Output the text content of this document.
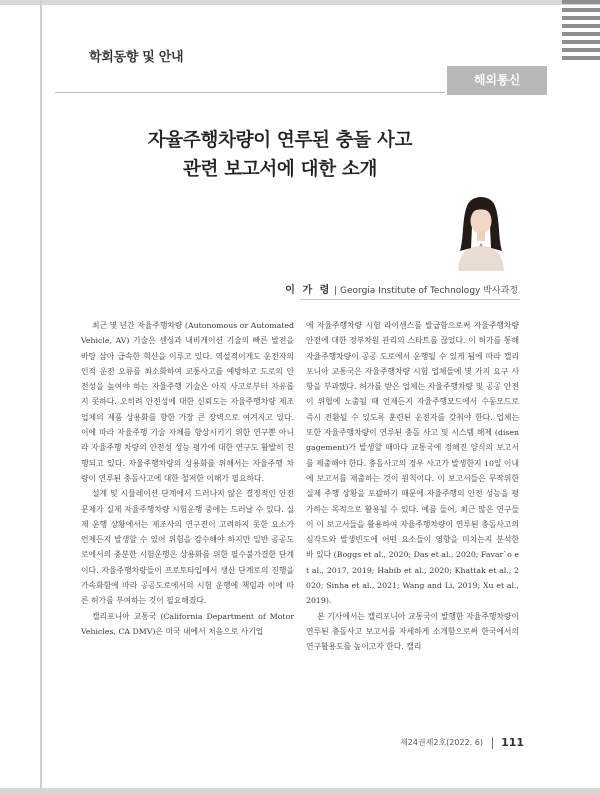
학회동향 및 안내
해외통신
자율주행차량이 연루된 충돌 사고
관련 보고서에 대한 소개
이 가 령 | Georgia Institute of Technology 박사과정

최근 몇 년간 자율주행차량 (Autonomous or Automated Vehicle, AV) 기술은 센싱과 내비게이션 기술의 빠른 발전을 바탕 삼아 급속한 혁신을 이루고 있다. 역설적이게도 운전자의 인적 운전 오류를 최소화하여 교통사고를 예방하고 도로의 안전성을 높여야 하는 자율주행 기술은 아직 사고로부터 자유롭지 못하다. 오히려 안전성에 대한 신뢰도는 자율주행차량 제조 업체의 제품 상용화를 향한 가장 큰 장벽으로 여겨지고 있다. 이에 따라 자율주행 기술 자체를 향상시키기 위한 연구뿐 아니라 자율주행 차량의 안전성 성능 평가에 대한 연구도 활발히 진행되고 있다. 자율주행차량의 상용화를 위해서는 자율주행 차량이 연루된 충돌사고에 대한 철저한 이해가 필요하다.

설계 및 시뮬레이션 단계에서 드러나지 않은 결정적인 안전문제가 실제 자율주행차량 시험운행 중에는 드러날 수 있다. 실제 운행 상황에서는 제조사의 연구진이 고려하지 못한 요소가 언제든지 발생할 수 있어 위험을 감수해야 하지만 일반 공공도로에서의 충분한 시험운행은 상용화를 위한 필수불가결한 단계이다. 자율주행차량들이 프로토타입에서 생산 단계로의 진행을 가속화함에 따라 공공도로에서의 시험 운행에 책임과 이에 따른 허가를 부여하는 것이 필요해졌다.

캘리포니아 교통국 (California Department of Motor Vehicles, CA DMV)은 미국 내에서 처음으로 사기업

에 자율주행차량 시험 라이센스를 발급함으로써 자율주행차량 안전에 대한 정부차원 관리의 스타트를 끊었다. 이 허가를 통해 자율주행차량이 공공 도로에서 운행될 수 있게 됨에 따라 캘리포니아 교통국은 자율주행차량 시험 업체들에 몇 가지 요구 사항을 부과했다. 허가를 받은 업체는 자율주행차량 및 공공 안전이 위협에 노출될 때 언제든지 자율주행모드에서 수동모드로 즉시 전환될 수 있도록 훈련된 운전자를 갖춰야 한다. 업체는 또한 자율주행차량이 연루된 충돌 사고 및 시스템 해제 (disengagement)가 발생할 때마다 교통국에 정해진 양식의 보고서를 제출해야 한다. 충돌사고의 경우 사고가 발생한지 10일 이내에 보고서를 제출하는 것이 원칙이다. 이 보고서들은 무작위한 실제 주행 상황을 포괄하기 때문에 자율주행의 안전 성능을 평가하는 목적으로 활용될 수 있다. 예를 들어, 최근 많은 연구들이 이 보고서들을 활용하여 자율주행차량이 연루된 충돌사고의 심각도와 발생빈도에 어떤 요소들이 영향을 미치는지 분석한 바 있다 (Boggs et al., 2020; Das et al., 2020; Favar`o et al., 2017, 2019; Habib et al., 2020; Khattak et al., 2020; Sinha et al., 2021; Wang and Li, 2019; Xu et al., 2019).

본 기사에서는 캘리포니아 교통국이 발행한 자율주행차량이 연루된 충돌사고 보고서를 자세하게 소개함으로써 한국에서의 연구활용도를 높이고자 한다. 캘리

제24권제2호(2022. 6) 111
